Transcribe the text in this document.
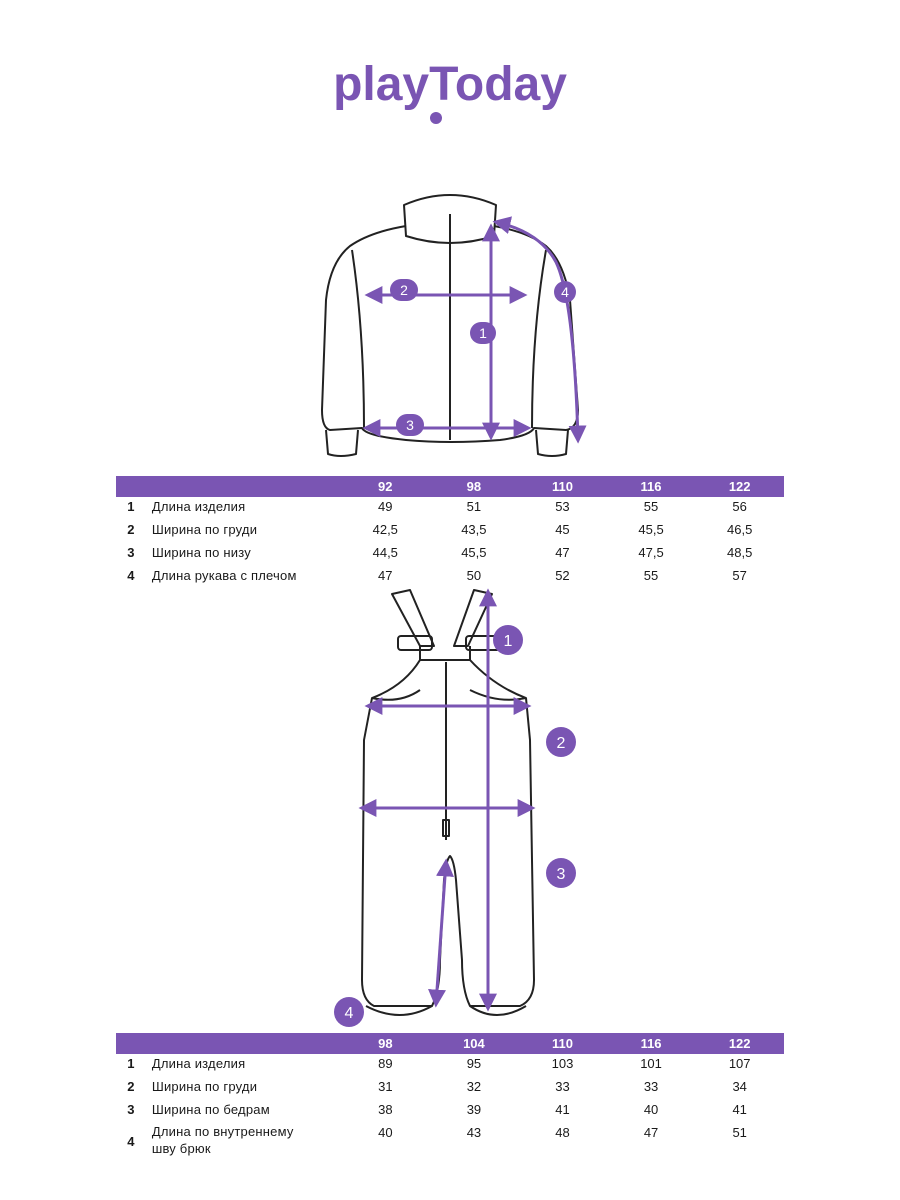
playToday
1
2
3
4
		92	98	110	116	122
1	Длина изделия	49	51	53	55	56
2	Ширина по груди	42,5	43,5	45	45,5	46,5
3	Ширина по низу	44,5	45,5	47	47,5	48,5
4	Длина рукава с плечом	47	50	52	55	57
1
2
3
4
		98	104	110	116	122
1	Длина изделия	89	95	103	101	107
2	Ширина по груди	31	32	33	33	34
3	Ширина по бедрам	38	39	41	40	41
4	Длина по внутреннему
шву брюк	40	43	48	47	51
